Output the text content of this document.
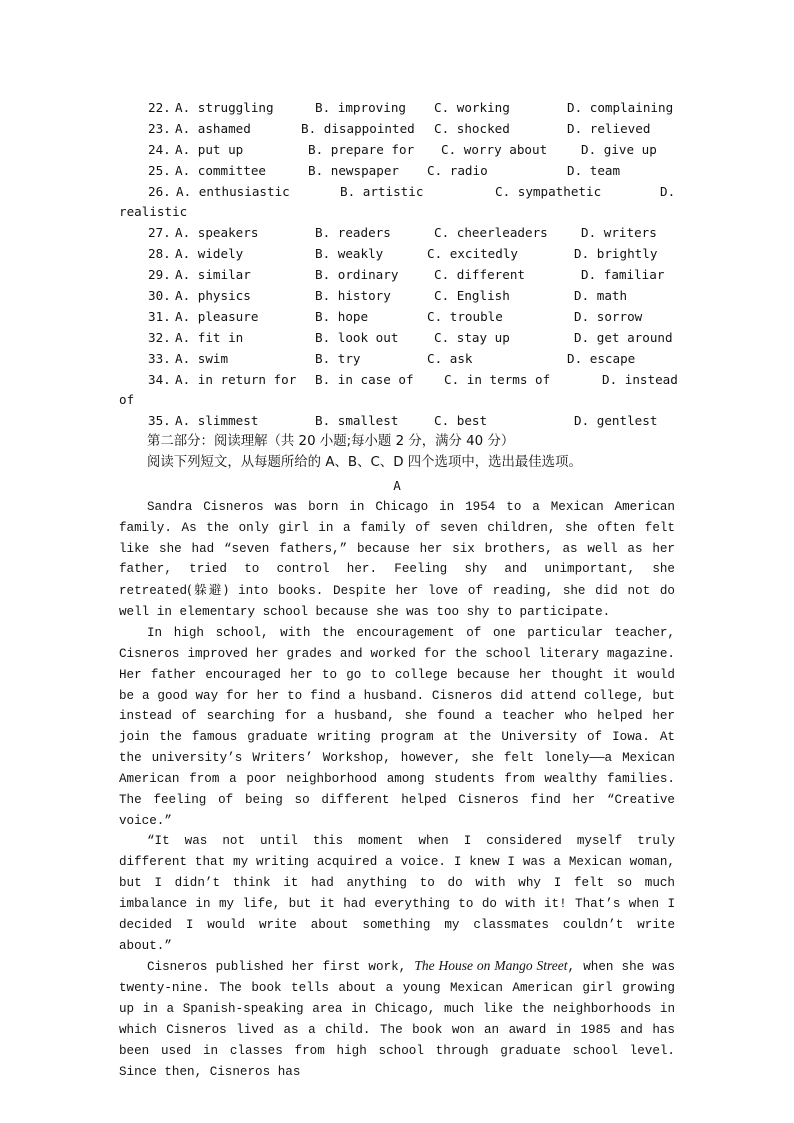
22. A. struggling	B. improving C. working	D. complaining
23. A. ashamed	B. disappointed C. shocked	D. relieved
24. A. put up	B. prepare for C. worry about	D. give up
25. A. committee	B. newspaper C. radio	D. team
26. A. enthusiastic	B. artistic	C. sympathetic	D.
realistic
27. A. speakers	B. readers	C. cheerleaders	D. writers
28. A. widely	B. weakly	C. excitedly	D. brightly
29. A. similar	B. ordinary	C. different	D. familiar
30. A. physics	B. history	C. English	D. math
31. A. pleasure	B. hope	C. trouble	D. sorrow
32. A. fit in	B. look out	C. stay up	D. get around
33. A. swim	B. try	C. ask	D. escape
34. A. in return for B. in case of C. in terms of	D. instead
of
35. A. slimmest	B. smallest	C. best	D. gentlest
第二部分：阅读理解（共 20 小题;每小题 2 分，满分 40 分）
阅读下列短文，从每题所给的 A、B、C、D 四个选项中，选出最佳选项。
A

Sandra Cisneros was born in Chicago in 1954 to a Mexican American family. As the only girl in a family of seven children, she often felt like she had “seven fathers,” because her six brothers, as well as her father, tried to control her. Feeling shy and unimportant, she retreated(躲避) into books. Despite her love of reading, she did not do well in elementary school because she was too shy to participate.

In high school, with the encouragement of one particular teacher, Cisneros improved her grades and worked for the school literary magazine. Her father encouraged her to go to college because her thought it would be a good way for her to find a husband. Cisneros did attend college, but instead of searching for a husband, she found a teacher who helped her join the famous graduate writing program at the University of Iowa. At the university’s Writers’ Workshop, however, she felt lonely——a Mexican American from a poor neighborhood among students from wealthy families. The feeling of being so different helped Cisneros find her “Creative voice.”

“It was not until this moment when I considered myself truly different that my writing acquired a voice. I knew I was a Mexican woman, but I didn’t think it had anything to do with why I felt so much imbalance in my life, but it had everything to do with it! That’s when I decided I would write about something my classmates couldn’t write about.”

Cisneros published her first work, The House on Mango Street, when she was twenty-nine. The book tells about a young Mexican American girl growing up in a Spanish-speaking area in Chicago, much like the neighborhoods in which Cisneros lived as a child. The book won an award in 1985 and has been used in classes from high school through graduate school level. Since then, Cisneros has
